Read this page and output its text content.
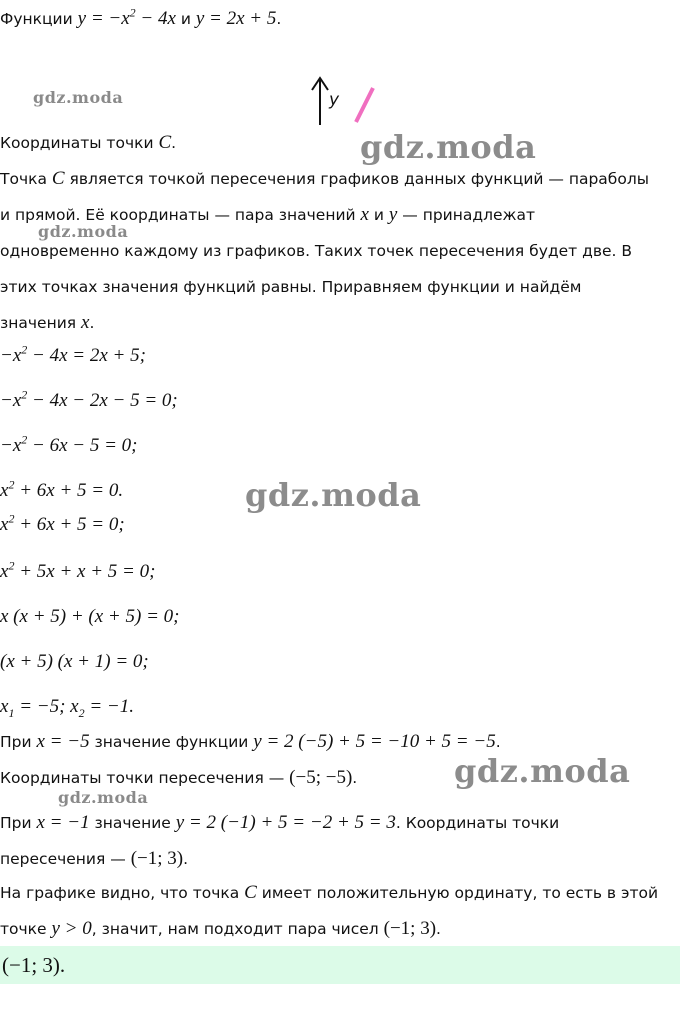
Функции $y = -x^2 - 4x$ и y = 2x + 5.
y
gdz.moda
gdz.moda
gdz.moda
gdz.moda
gdz.moda
gdz.moda
Координаты точки C.
Точка C является точкой пересечения графиков данных функций — параболы
и прямой. Её координаты — пара значений x и y — принадлежат
одновременно каждому из графиков. Таких точек пересечения будет две. В
этих точках значения функций равны. Приравняем функции и найдём
значения x.
$-x^2 - 4x = 2x + 5$;
$-x^2 - 4x - 2x - 5 = 0$;
$-x^2 - 6x - 5 = 0$;
$x^2 + 6x + 5 = 0$.
$x^2 + 6x + 5 = 0$;
$x^2 + 5x + x + 5 = 0$;
x (x + 5) + (x + 5) = 0;
(x + 5) (x + 1) = 0;
$x_1 = -5$; $x_2 = -1$.
При x = −5 значение функции y = 2 (−5) + 5 = −10 + 5 = −5.
Координаты точки пересечения — (−5; −5).
При x = −1 значение y = 2 (−1) + 5 = −2 + 5 = 3. Координаты точки
пересечения — (−1; 3).
На графике видно, что точка C имеет положительную ординату, то есть в этой
точке y > 0, значит, нам подходит пара чисел (−1; 3).
(−1; 3).
